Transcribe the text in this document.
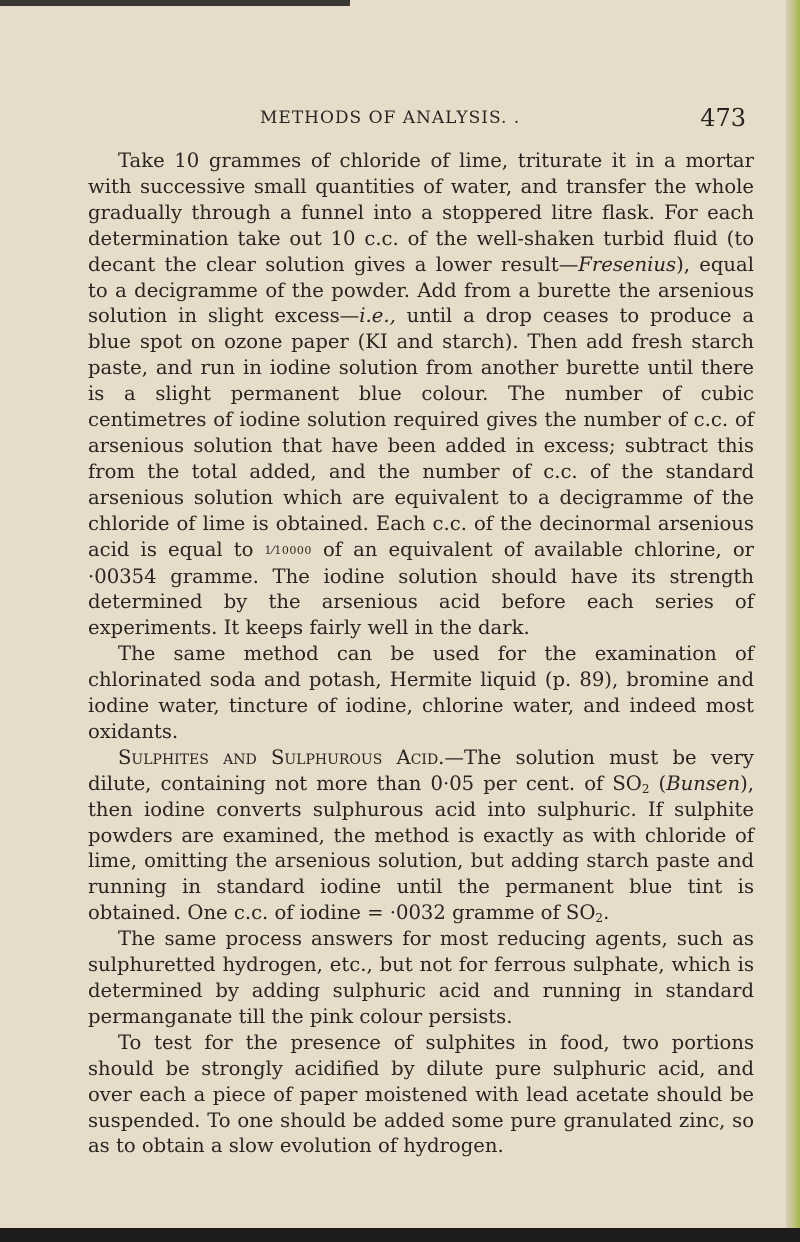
METHODS OF ANALYSIS. .	473

Take 10 grammes of chloride of lime, triturate it in a mortar with successive small quantities of water, and transfer the whole gradually through a funnel into a stoppered litre flask. For each determination take out 10 c.c. of the well-shaken turbid fluid (to decant the clear solution gives a lower result—Fresenius), equal to a decigramme of the powder. Add from a burette the arsenious solution in slight excess—i.e., until a drop ceases to produce a blue spot on ozone paper (KI and starch). Then add fresh starch paste, and run in iodine solution from another burette until there is a slight permanent blue colour. The number of cubic centimetres of iodine solution required gives the number of c.c. of arsenious solution that have been added in excess; subtract this from the total added, and the number of c.c. of the standard arsenious solution which are equivalent to a decigramme of the chloride of lime is obtained. Each c.c. of the decinormal arsenious acid is equal to 1⁄10000 of an equivalent of available chlorine, or ·00354 gramme. The iodine solution should have its strength determined by the arsenious acid before each series of experiments. It keeps fairly well in the dark.

The same method can be used for the examination of chlorinated soda and potash, Hermite liquid (p. 89), bromine and iodine water, tincture of iodine, chlorine water, and indeed most oxidants.

Sulphites and Sulphurous Acid.—The solution must be very dilute, containing not more than 0·05 per cent. of $SO_2$ (Bunsen), then iodine converts sulphurous acid into sulphuric. If sulphite powders are examined, the method is exactly as with chloride of lime, omitting the arsenious solution, but adding starch paste and running in standard iodine until the permanent blue tint is obtained. One c.c. of iodine = ·0032 gramme of $SO_2$.

The same process answers for most reducing agents, such as sulphuretted hydrogen, etc., but not for ferrous sulphate, which is determined by adding sulphuric acid and running in standard permanganate till the pink colour persists.

To test for the presence of sulphites in food, two portions should be strongly acidified by dilute pure sulphuric acid, and over each a piece of paper moistened with lead acetate should be suspended. To one should be added some pure granulated zinc, so as to obtain a slow evolution of hydrogen.
